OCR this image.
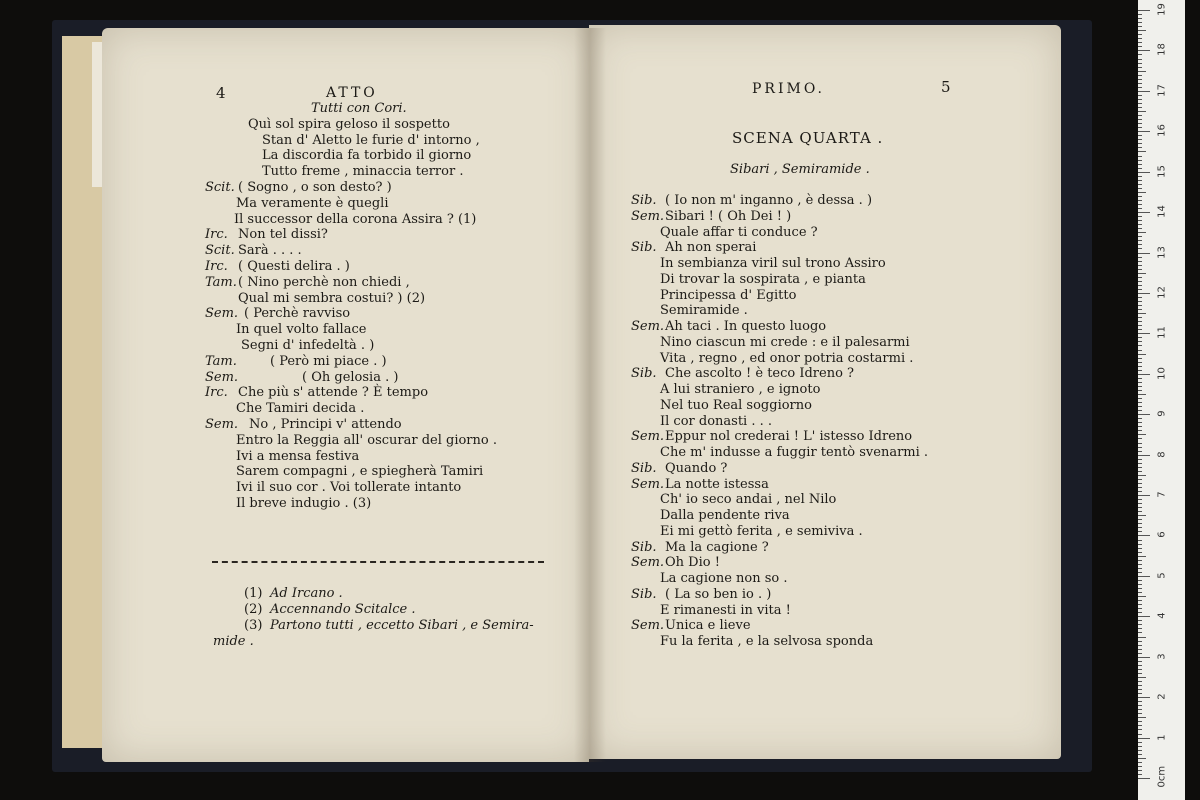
4	ATTO
Tutti con Cori.
Quì sol spira geloso il sospetto
Stan d' Aletto le furie d' intorno ,
La discordia fa torbido il giorno
Tutto freme , minaccia terror .
Scit. ( Sogno , o son desto? )
Ma veramente è quegli
Il successor della corona Assira ? (1)
Irc. Non tel dissi?
Scit. Sarà . . . .
Irc. ( Questi delira . )
Tam. ( Nino perchè non chiedi ,
Qual mi sembra costui? ) (2)
Sem. ( Perchè ravviso
In quel volto fallace
Segni d' infedeltà . )
Tam.	( Però mi piace . )
Sem.	( Oh gelosia . )
Irc. Che più s' attende ? È tempo
Che Tamiri decida .
Sem. No , Principi v' attendo
Entro la Reggia all' oscurar del giorno .
Ivi a mensa festiva
Sarem compagni , e spiegherà Tamiri
Ivi il suo cor . Voi tollerate intanto
Il breve indugio . (3)
(1) Ad Ircano .
(2) Accennando Scitalce .
(3) Partono tutti , eccetto Sibari , e Semira-
mide .
PRIMO.	5
SCENA QUARTA .
Sibari , Semiramide .
Sib. ( Io non m' inganno , è dessa . )
Sem. Sibari ! ( Oh Dei ! )
Quale affar ti conduce ?
Sib. Ah non sperai
In sembianza viril sul trono Assiro
Di trovar la sospirata , e pianta
Principessa d' Egitto
Semiramide .
Sem. Ah taci . In questo luogo
Nino ciascun mi crede : e il palesarmi
Vita , regno , ed onor potria costarmi .
Sib. Che ascolto ! è teco Idreno ?
A lui straniero , e ignoto
Nel tuo Real soggiorno
Il cor donasti . . .
Sem. Eppur nol crederai ! L' istesso Idreno
Che m' indusse a fuggir tentò svenarmi .
Sib. Quando ?
Sem. La notte istessa
Ch' io seco andai , nel Nilo
Dalla pendente riva
Ei mi gettò ferita , e semiviva .
Sib. Ma la cagione ?
Sem. Oh Dio !
La cagione non so .
Sib. ( La so ben io . )
E rimanesti in vita !
Sem. Unica e lieve
Fu la ferita , e la selvosa sponda
19
18
17
16
15
14
13
12
11
10
9
8
7
6
5
4
3
2
1
0cm
